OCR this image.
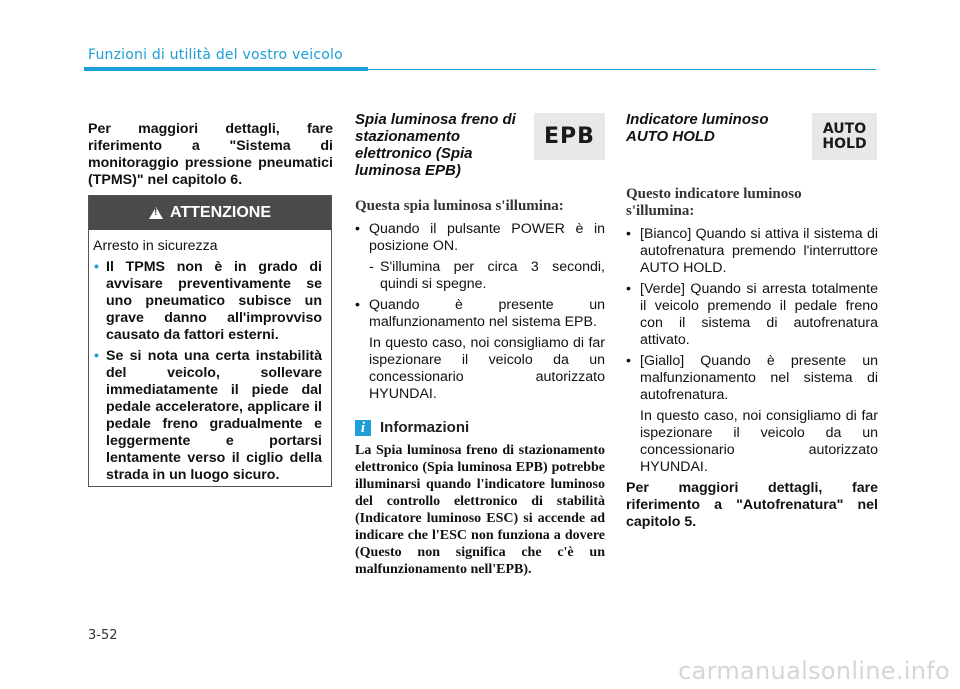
Funzioni di utilità del vostro veicolo
Per maggiori dettagli, fare riferimento a "Sistema di monitoraggio pressione pneumatici (TPMS)" nel capitolo 6.
!
ATTENZIONE
Arresto in sicurezza
• Il TPMS non è in grado di avvisare preventivamente se uno pneumatico subisce un grave danno all'improvviso causato da fattori esterni.
• Se si nota una certa instabilità del veicolo, sollevare immediatamente il piede dal pedale acceleratore, applicare il pedale freno gradualmente e leggermente e portarsi lentamente verso il ciglio della strada in un luogo sicuro.
EPB
Spia luminosa freno di stazionamento elettronico (Spia luminosa EPB)
Questa spia luminosa s'illumina:
• Quando il pulsante POWER è in posizione ON.
- S'illumina per circa 3 secondi, quindi si spegne.
• Quando è presente un malfunzionamento nel sistema EPB.
In questo caso, noi consigliamo di far ispezionare il veicolo da un concessionario autorizzato HYUNDAI.
i Informazioni
La Spia luminosa freno di stazionamento elettronico (Spia luminosa EPB) potrebbe illuminarsi quando l'indicatore luminoso del controllo elettronico di stabilità (Indicatore luminoso ESC) si accende ad indicare che l'ESC non funziona a dovere (Questo non significa che c'è un malfunzionamento nell'EPB).
AUTO
HOLD
Indicatore luminoso
AUTO HOLD
Questo indicatore luminoso s'illumina:
• [Bianco] Quando si attiva il sistema di autofrenatura premendo l'interruttore AUTO HOLD.
• [Verde] Quando si arresta totalmente il veicolo premendo il pedale freno con il sistema di autofrenatura attivato.
• [Giallo] Quando è presente un malfunzionamento nel sistema di autofrenatura.
In questo caso, noi consigliamo di far ispezionare il veicolo da un concessionario autorizzato HYUNDAI.
Per maggiori dettagli, fare riferimento a "Autofrenatura" nel capitolo 5.
3-52
carmanualsonline.info
